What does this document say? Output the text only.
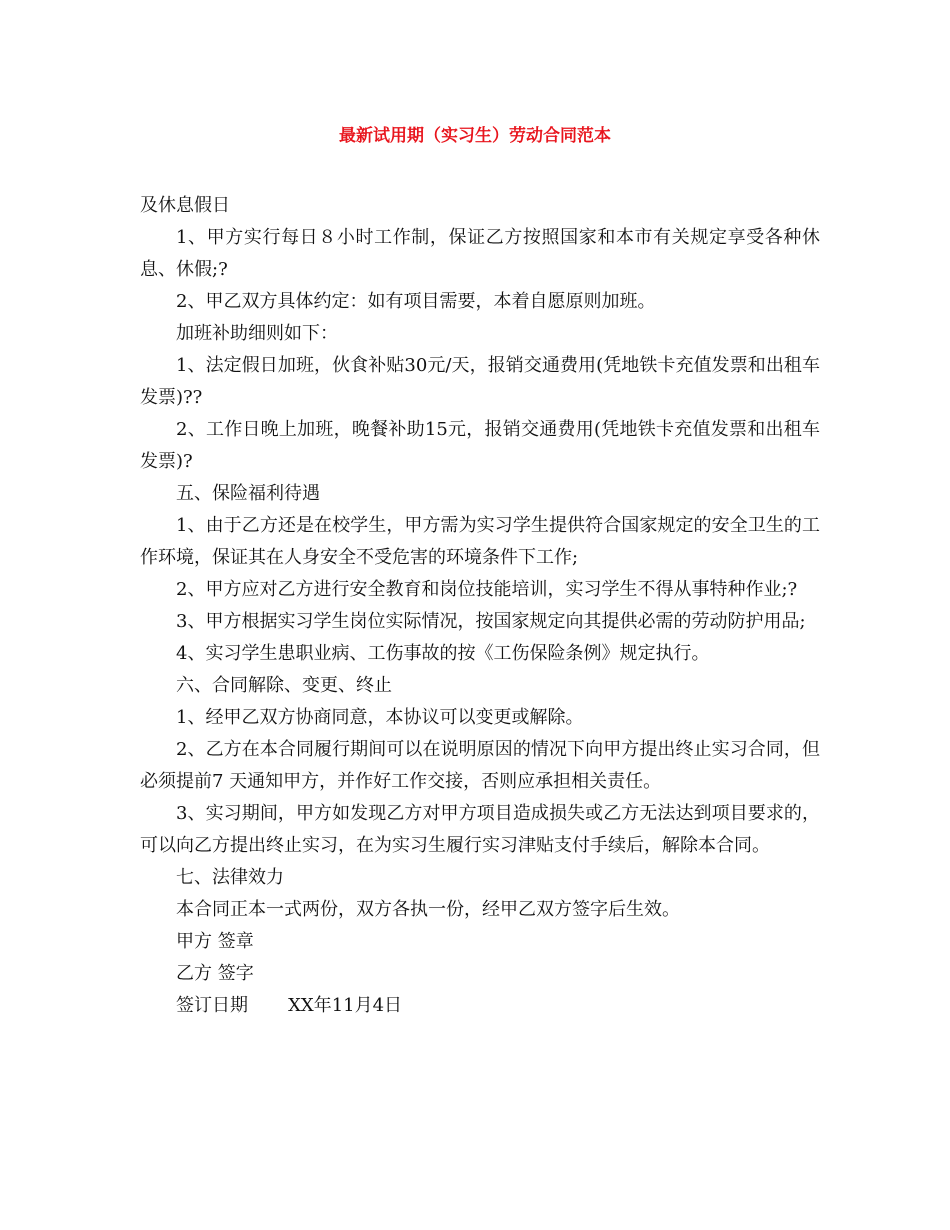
最新试用期（实习生）劳动合同范本

及休息假日

1、甲方实行每日８小时工作制，保证乙方按照国家和本市有关规定享受各种休息、休假;?

2、甲乙双方具体约定：如有项目需要，本着自愿原则加班。

加班补助细则如下：

1、法定假日加班，伙食补贴30元/天，报销交通费用(凭地铁卡充值发票和出租车发票)??

2、工作日晚上加班，晚餐补助15元，报销交通费用(凭地铁卡充值发票和出租车发票)?

五、保险福利待遇

1、由于乙方还是在校学生，甲方需为实习学生提供符合国家规定的安全卫生的工作环境，保证其在人身安全不受危害的环境条件下工作;

2、甲方应对乙方进行安全教育和岗位技能培训，实习学生不得从事特种作业;?

3、甲方根据实习学生岗位实际情况，按国家规定向其提供必需的劳动防护用品;

4、实习学生患职业病、工伤事故的按《工伤保险条例》规定执行。

六、合同解除、变更、终止

1、经甲乙双方协商同意，本协议可以变更或解除。

2、乙方在本合同履行期间可以在说明原因的情况下向甲方提出终止实习合同，但必须提前7 天通知甲方，并作好工作交接，否则应承担相关责任。

3、实习期间，甲方如发现乙方对甲方项目造成损失或乙方无法达到项目要求的，可以向乙方提出终止实习，在为实习生履行实习津贴支付手续后，解除本合同。

七、法律效力

本合同正本一式两份，双方各执一份，经甲乙双方签字后生效。

甲方 签章

乙方 签字

签订日期 XX年11月4日
